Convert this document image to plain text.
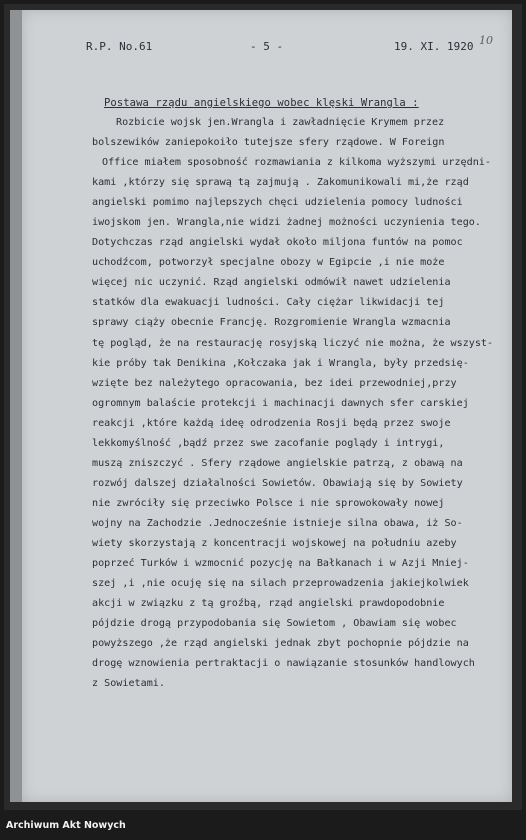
R.P. No.61	- 5 -	19. XI. 1920 10
Postawa rządu angielskiego wobec klęski Wrangla :
Rozbicie wojsk jen.Wrangla i zawładnięcie Krymem przez
bolszewików zaniepokoiło tutejsze sfery rządowe. W Foreign
Office miałem sposobność rozmawiania z kilkoma wyższymi urzędni-
kami ,którzy się sprawą tą zajmują . Zakomunikowali mi,że rząd
angielski pomimo najlepszych chęci udzielenia pomocy ludności
iwojskom jen. Wrangla,nie widzi żadnej możności uczynienia tego.
Dotychczas rząd angielski wydał około miljona funtów na pomoc
uchodźcom, potworzył specjalne obozy w Egipcie ,i nie może
więcej nic uczynić. Rząd angielski odmówił nawet udzielenia
statków dla ewakuacji ludności. Cały ciężar likwidacji tej
sprawy ciąży obecnie Francję. Rozgromienie Wrangla wzmacnia
tę pogląd, że na restaurację rosyjską liczyć nie można, że wszyst-
kie próby tak Denikina ,Kołczaka jak i Wrangla, były przedsię-
wzięte bez należytego opracowania, bez idei przewodniej,przy
ogromnym balaście protekcji i machinacji dawnych sfer carskiej
reakcji ,które każdą ideę odrodzenia Rosji będą przez swoje
lekkomyślność ,bądź przez swe zacofanie poglądy i intrygi,
muszą zniszczyć . Sfery rządowe angielskie patrzą, z obawą na
rozwój dalszej działalności Sowietów. Obawiają się by Sowiety
nie zwróciły się przeciwko Polsce i nie sprowokowały nowej
wojny na Zachodzie .Jednocześnie istnieje silna obawa, iż So-
wiety skorzystają z koncentracji wojskowej na południu azeby
poprzeć Turków i wzmocnić pozycję na Bałkanach i w Azji Mniej-
szej ,i ,nie ocuję się na silach przeprowadzenia jakiejkolwiek
akcji w związku z tą groźbą, rząd angielski prawdopodobnie
pójdzie drogą przypodobania się Sowietom , Obawiam się wobec
powyższego ,że rząd angielski jednak zbyt pochopnie pójdzie na
drogę wznowienia pertraktacji o nawiązanie stosunków handlowych
z Sowietami.
Archiwum Akt Nowych
